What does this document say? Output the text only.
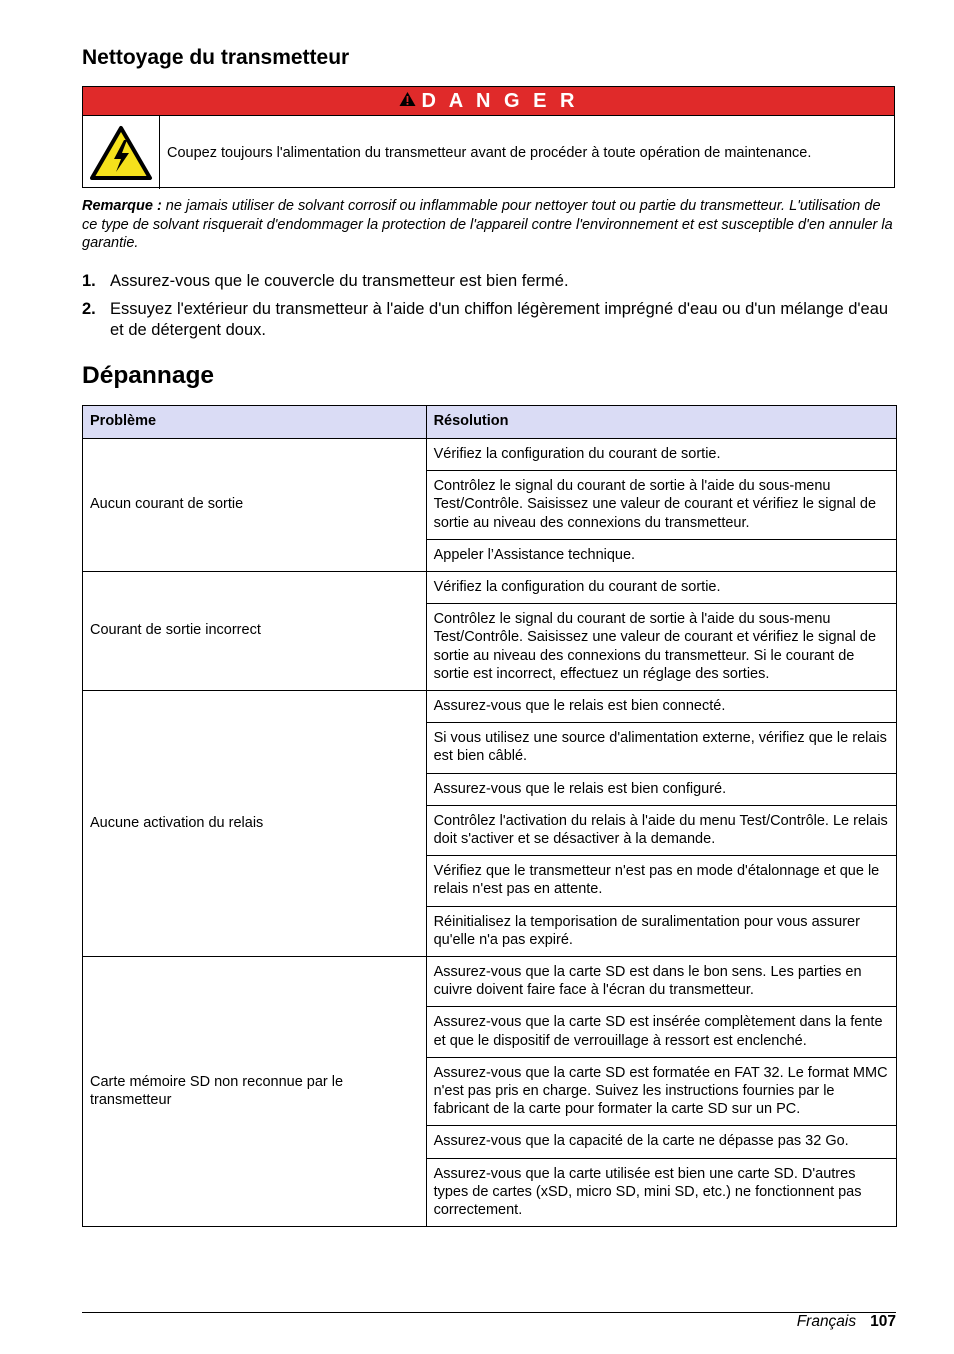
Nettoyage du transmetteur
D A N G E R
Coupez toujours l'alimentation du transmetteur avant de procéder à toute opération de maintenance.

Remarque : ne jamais utiliser de solvant corrosif ou inflammable pour nettoyer tout ou partie du transmetteur. L'utilisation de ce type de solvant risquerait d'endommager la protection de l'appareil contre l'environnement et est susceptible d'en annuler la garantie.

1. Assurez-vous que le couvercle du transmetteur est bien fermé.
2. Essuyez l'extérieur du transmetteur à l'aide d'un chiffon légèrement imprégné d'eau ou d'un mélange d'eau et de détergent doux.
Dépannage
Problème	Résolution
Aucun courant de sortie	Vérifiez la configuration du courant de sortie.
	Contrôlez le signal du courant de sortie à l'aide du sous-menu Test/Contrôle. Saisissez une valeur de courant et vérifiez le signal de sortie au niveau des connexions du transmetteur.
	Appeler l’Assistance technique.
Courant de sortie incorrect	Vérifiez la configuration du courant de sortie.
	Contrôlez le signal du courant de sortie à l'aide du sous-menu Test/Contrôle. Saisissez une valeur de courant et vérifiez le signal de sortie au niveau des connexions du transmetteur. Si le courant de sortie est incorrect, effectuez un réglage des sorties.
Aucune activation du relais	Assurez-vous que le relais est bien connecté.
	Si vous utilisez une source d'alimentation externe, vérifiez que le relais est bien câblé.
	Assurez-vous que le relais est bien configuré.
	Contrôlez l'activation du relais à l'aide du menu Test/Contrôle. Le relais doit s'activer et se désactiver à la demande.
	Vérifiez que le transmetteur n'est pas en mode d'étalonnage et que le relais n'est pas en attente.
	Réinitialisez la temporisation de suralimentation pour vous assurer qu'elle n'a pas expiré.
Carte mémoire SD non reconnue par le transmetteur	Assurez-vous que la carte SD est dans le bon sens. Les parties en cuivre doivent faire face à l'écran du transmetteur.
	Assurez-vous que la carte SD est insérée complètement dans la fente et que le dispositif de verrouillage à ressort est enclenché.
	Assurez-vous que la carte SD est formatée en FAT 32. Le format MMC n'est pas pris en charge. Suivez les instructions fournies par le fabricant de la carte pour formater la carte SD sur un PC.
	Assurez-vous que la capacité de la carte ne dépasse pas 32 Go.
	Assurez-vous que la carte utilisée est bien une carte SD. D'autres types de cartes (xSD, micro SD, mini SD, etc.) ne fonctionnent pas correctement.
Français 107
